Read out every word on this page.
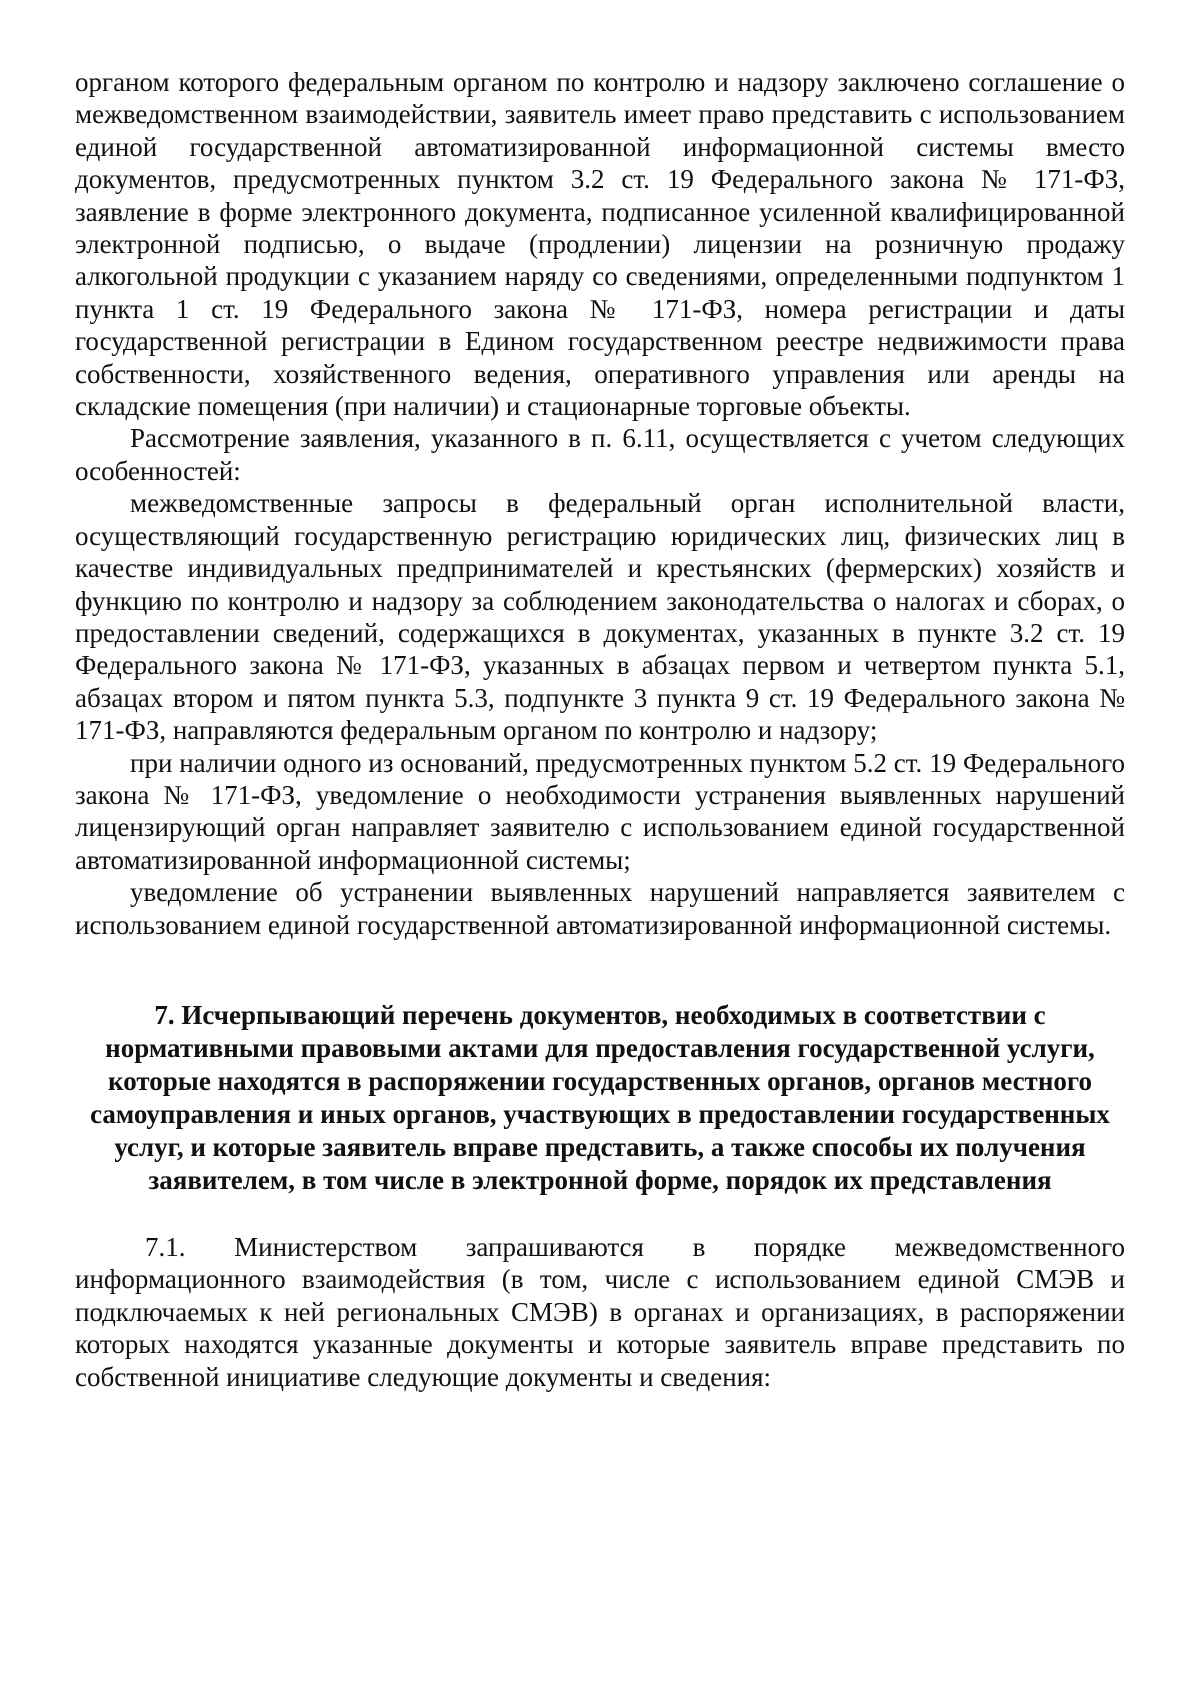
органом которого федеральным органом по контролю и надзору заключено соглашение о межведомственном взаимодействии, заявитель имеет право представить с использованием единой государственной автоматизированной информационной системы вместо документов, предусмотренных пунктом 3.2 ст. 19 Федерального закона № 171-ФЗ, заявление в форме электронного документа, подписанное усиленной квалифицированной электронной подписью, о выдаче (продлении) лицензии на розничную продажу алкогольной продукции с указанием наряду со сведениями, определенными подпунктом 1 пункта 1 ст. 19 Федерального закона № 171-ФЗ, номера регистрации и даты государственной регистрации в Едином государственном реестре недвижимости права собственности, хозяйственного ведения, оперативного управления или аренды на складские помещения (при наличии) и стационарные торговые объекты.

Рассмотрение заявления, указанного в п. 6.11, осуществляется с учетом следующих особенностей:

межведомственные запросы в федеральный орган исполнительной власти, осуществляющий государственную регистрацию юридических лиц, физических лиц в качестве индивидуальных предпринимателей и крестьянских (фермерских) хозяйств и функцию по контролю и надзору за соблюдением законодательства о налогах и сборах, о предоставлении сведений, содержащихся в документах, указанных в пункте 3.2 ст. 19 Федерального закона № 171-ФЗ, указанных в абзацах первом и четвертом пункта 5.1, абзацах втором и пятом пункта 5.3, подпункте 3 пункта 9 ст. 19 Федерального закона № 171-ФЗ, направляются федеральным органом по контролю и надзору;

при наличии одного из оснований, предусмотренных пунктом 5.2 ст. 19 Федерального закона № 171-ФЗ, уведомление о необходимости устранения выявленных нарушений лицензирующий орган направляет заявителю с использованием единой государственной автоматизированной информационной системы;

уведомление об устранении выявленных нарушений направляется заявителем с использованием единой государственной автоматизированной информационной системы.

7. Исчерпывающий перечень документов, необходимых в соответствии с нормативными правовыми актами для предоставления государственной услуги, которые находятся в распоряжении государственных органов, органов местного самоуправления и иных органов, участвующих в предоставлении государственных услуг, и которые заявитель вправе представить, а также способы их получения заявителем, в том числе в электронной форме, порядок их представления

7.1. Министерством запрашиваются в порядке межведомственного информационного взаимодействия (в том, числе с использованием единой СМЭВ и подключаемых к ней региональных СМЭВ) в органах и организациях, в распоряжении которых находятся указанные документы и которые заявитель вправе представить по собственной инициативе следующие документы и сведения:
